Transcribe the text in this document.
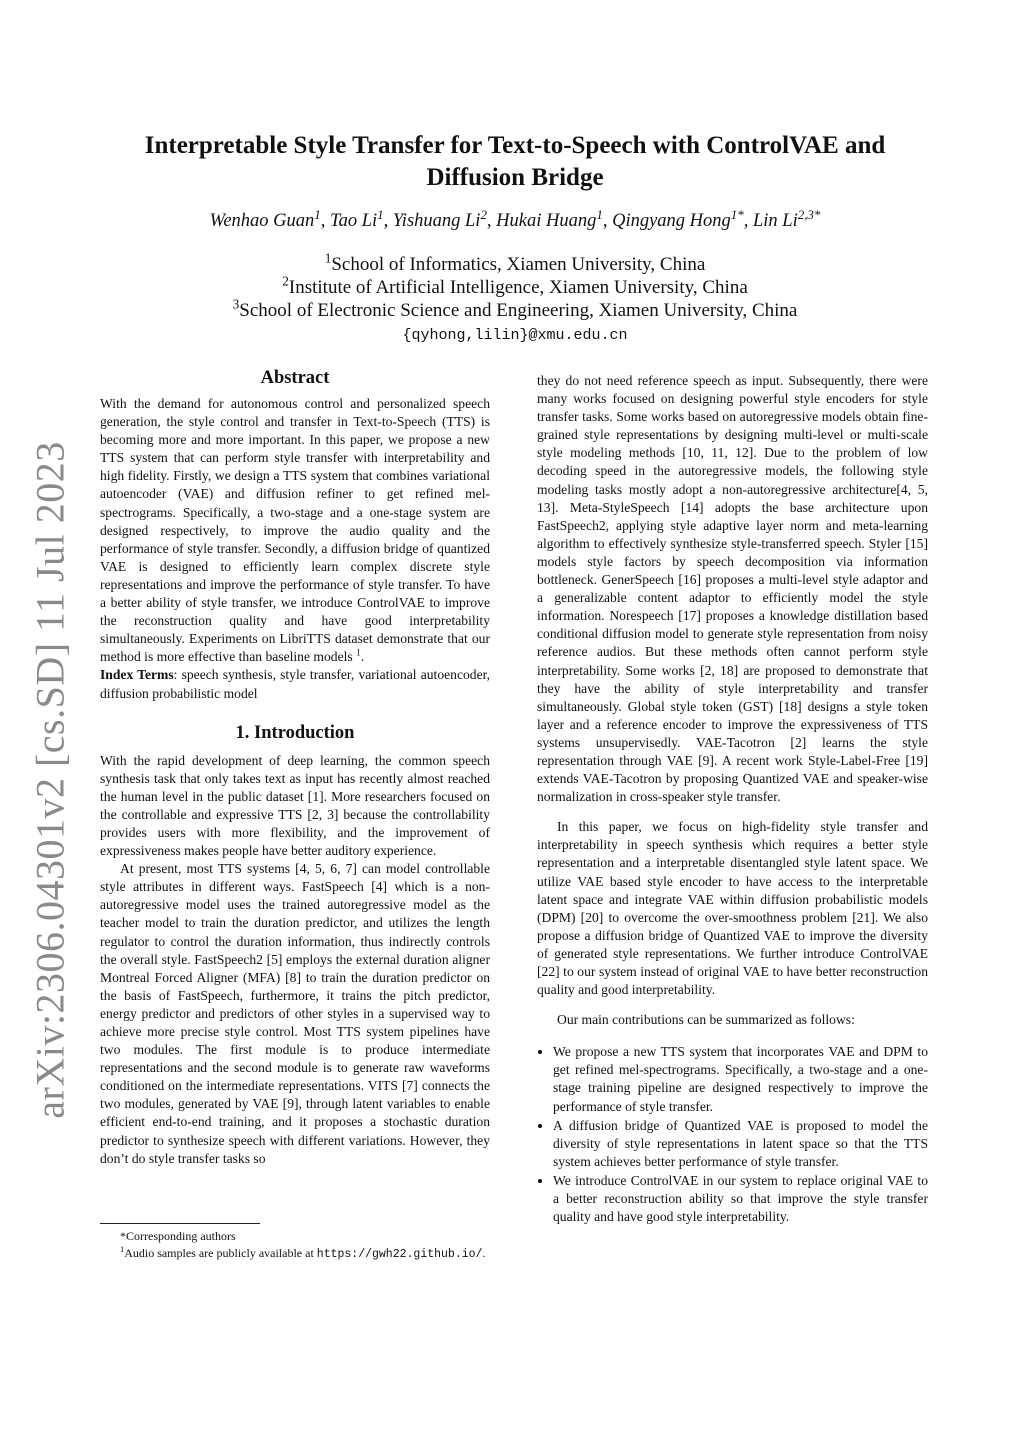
arXiv:2306.04301v2 [cs.SD] 11 Jul 2023
Interpretable Style Transfer for Text-to-Speech with ControlVAE and Diffusion Bridge
Wenhao Guan$^1$, Tao Li$^1$, Yishuang Li$^2$, Hukai Huang$^1$, Qingyang Hong$^{1*}$, Lin $Li^{2,3*}$
$^1$School of Informatics, Xiamen University, China
$^2$Institute of Artificial Intelligence, Xiamen University, China
$^3$School of Electronic Science and Engineering, Xiamen University, China
{qyhong,lilin}@xmu.edu.cn
Abstract

With the demand for autonomous control and personalized speech generation, the style control and transfer in Text-to-Speech (TTS) is becoming more and more important. In this paper, we propose a new TTS system that can perform style transfer with interpretability and high fidelity. Firstly, we design a TTS system that combines variational autoencoder (VAE) and diffusion refiner to get refined mel-spectrograms. Specifically, a two-stage and a one-stage system are designed respectively, to improve the audio quality and the performance of style transfer. Secondly, a diffusion bridge of quantized VAE is designed to efficiently learn complex discrete style representations and improve the performance of style transfer. To have a better ability of style transfer, we introduce ControlVAE to improve the reconstruction quality and have good interpretability simultaneously. Experiments on LibriTTS dataset demonstrate that our method is more effective than baseline models $^1$.

Index Terms: speech synthesis, style transfer, variational autoencoder, diffusion probabilistic model

1. Introduction

With the rapid development of deep learning, the common speech synthesis task that only takes text as input has recently almost reached the human level in the public dataset [1]. More researchers focused on the controllable and expressive TTS [2, 3] because the controllability provides users with more flexibility, and the improvement of expressiveness makes people have better auditory experience.

At present, most TTS systems [4, 5, 6, 7] can model controllable style attributes in different ways. FastSpeech [4] which is a non-autoregressive model uses the trained autoregressive model as the teacher model to train the duration predictor, and utilizes the length regulator to control the duration information, thus indirectly controls the overall style. FastSpeech2 [5] employs the external duration aligner Montreal Forced Aligner (MFA) [8] to train the duration predictor on the basis of FastSpeech, furthermore, it trains the pitch predictor, energy predictor and predictors of other styles in a supervised way to achieve more precise style control. Most TTS system pipelines have two modules. The first module is to produce intermediate representations and the second module is to generate raw waveforms conditioned on the intermediate representations. VITS [7] connects the two modules, generated by VAE [9], through latent variables to enable efficient end-to-end training, and it proposes a stochastic duration predictor to synthesize speech with different variations. However, they don’t do style transfer tasks so

*Corresponding authors

$^1$Audio samples are publicly available at https://gwh22.github.io/.

they do not need reference speech as input. Subsequently, there were many works focused on designing powerful style encoders for style transfer tasks. Some works based on autoregressive models obtain fine-grained style representations by designing multi-level or multi-scale style modeling methods [10, 11, 12]. Due to the problem of low decoding speed in the autoregressive models, the following style modeling tasks mostly adopt a non-autoregressive architecture[4, 5, 13]. Meta-StyleSpeech [14] adopts the base architecture upon FastSpeech2, applying style adaptive layer norm and meta-learning algorithm to effectively synthesize style-transferred speech. Styler [15] models style factors by speech decomposition via information bottleneck. GenerSpeech [16] proposes a multi-level style adaptor and a generalizable content adaptor to efficiently model the style information. Norespeech [17] proposes a knowledge distillation based conditional diffusion model to generate style representation from noisy reference audios. But these methods often cannot perform style interpretability. Some works [2, 18] are proposed to demonstrate that they have the ability of style interpretability and transfer simultaneously. Global style token (GST) [18] designs a style token layer and a reference encoder to improve the expressiveness of TTS systems unsupervisedly. VAE-Tacotron [2] learns the style representation through VAE [9]. A recent work Style-Label-Free [19] extends VAE-Tacotron by proposing Quantized VAE and speaker-wise normalization in cross-speaker style transfer.

In this paper, we focus on high-fidelity style transfer and interpretability in speech synthesis which requires a better style representation and a interpretable disentangled style latent space. We utilize VAE based style encoder to have access to the interpretable latent space and integrate VAE within diffusion probabilistic models (DPM) [20] to overcome the over-smoothness problem [21]. We also propose a diffusion bridge of Quantized VAE to improve the diversity of generated style representations. We further introduce ControlVAE [22] to our system instead of original VAE to have better reconstruction quality and good interpretability.

Our main contributions can be summarized as follows:

• We propose a new TTS system that incorporates VAE and DPM to get refined mel-spectrograms. Specifically, a two-stage and a one-stage training pipeline are designed respectively to improve the performance of style transfer.
• A diffusion bridge of Quantized VAE is proposed to model the diversity of style representations in latent space so that the TTS system achieves better performance of style transfer.
• We introduce ControlVAE in our system to replace original VAE to a better reconstruction ability so that improve the style transfer quality and have good style interpretability.
